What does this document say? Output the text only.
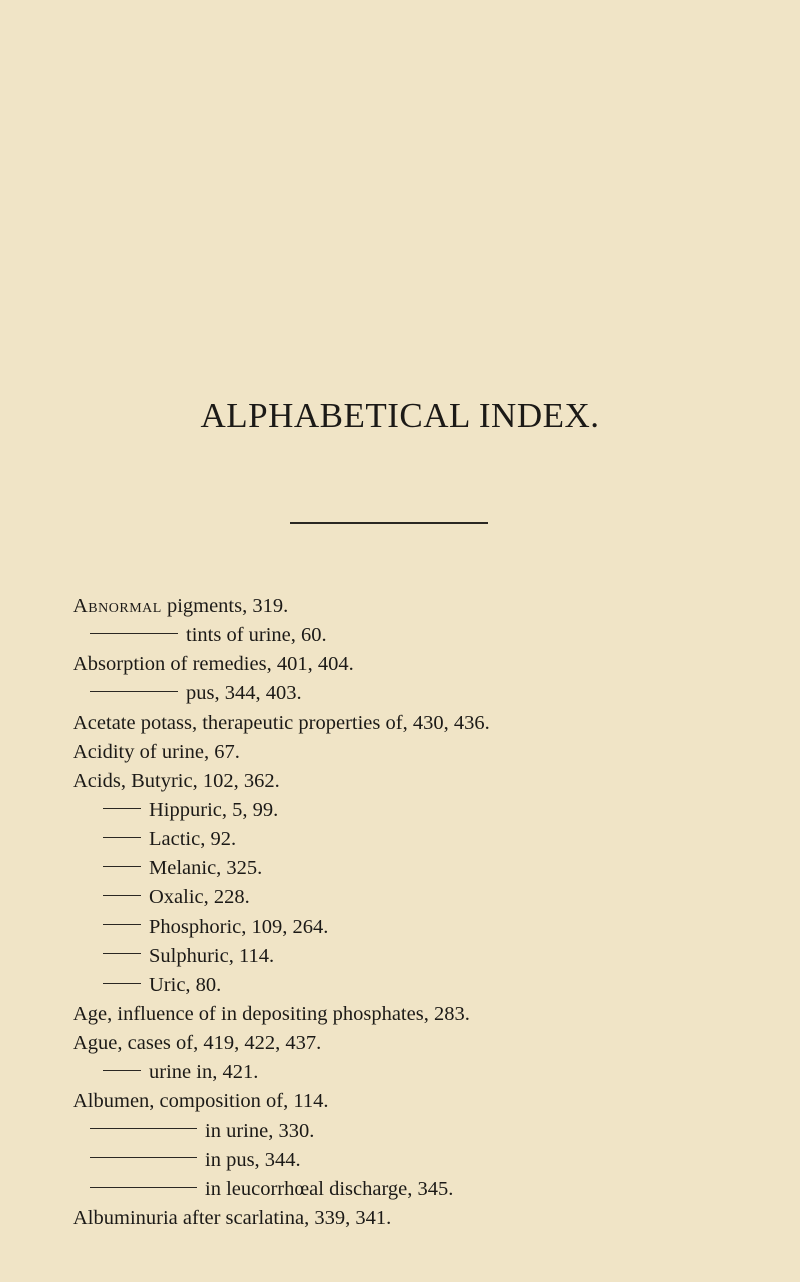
ALPHABETICAL INDEX.
Abnormal pigments, 319.
tints of urine, 60.
Absorption of remedies, 401, 404.
pus, 344, 403.
Acetate potass, therapeutic properties of, 430, 436.
Acidity of urine, 67.
Acids, Butyric, 102, 362.
Hippuric, 5, 99.
Lactic, 92.
Melanic, 325.
Oxalic, 228.
Phosphoric, 109, 264.
Sulphuric, 114.
Uric, 80.
Age, influence of in depositing phosphates, 283.
Ague, cases of, 419, 422, 437.
urine in, 421.
Albumen, composition of, 114.
in urine, 330.
in pus, 344.
in leucorrhœal discharge, 345.
Albuminuria after scarlatina, 339, 341.
